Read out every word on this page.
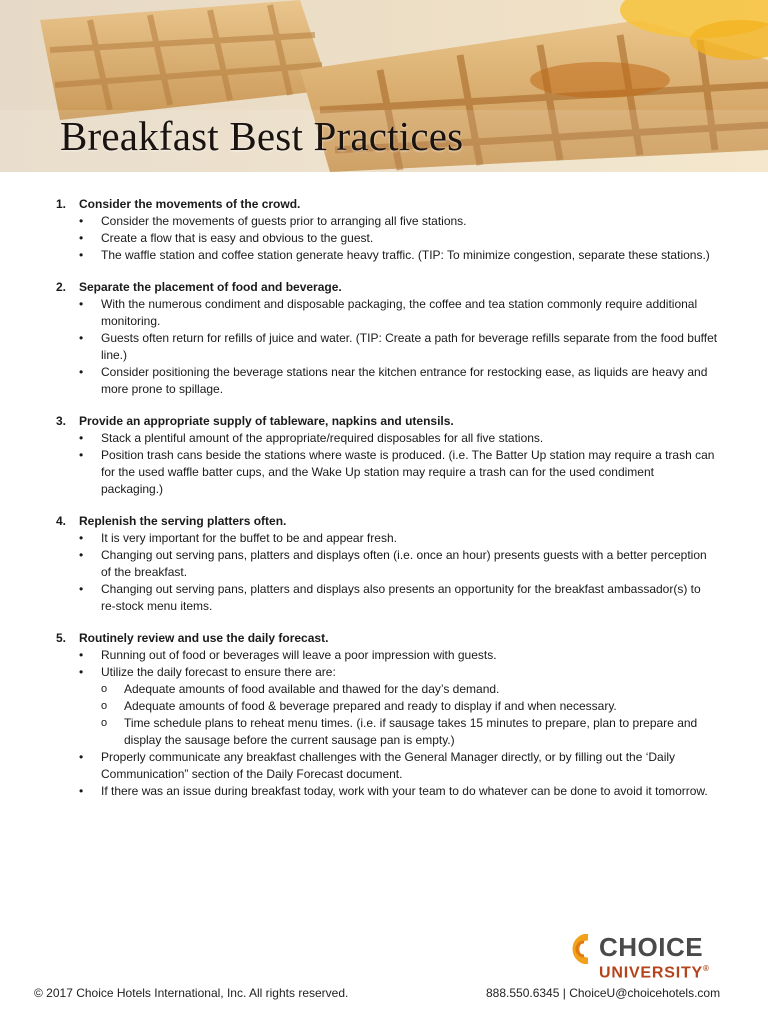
Breakfast Best Practices
1. Consider the movements of the crowd.
• Consider the movements of guests prior to arranging all five stations.
• Create a flow that is easy and obvious to the guest.
• The waffle station and coffee station generate heavy traffic. (TIP: To minimize congestion, separate these stations.)
2. Separate the placement of food and beverage.
• With the numerous condiment and disposable packaging, the coffee and tea station commonly require additional monitoring.
• Guests often return for refills of juice and water. (TIP: Create a path for beverage refills separate from the food buffet line.)
• Consider positioning the beverage stations near the kitchen entrance for restocking ease, as liquids are heavy and more prone to spillage.
3. Provide an appropriate supply of tableware, napkins and utensils.
• Stack a plentiful amount of the appropriate/required disposables for all five stations.
• Position trash cans beside the stations where waste is produced. (i.e. The Batter Up station may require a trash can for the used waffle batter cups, and the Wake Up station may require a trash can for the used condiment packaging.)
4. Replenish the serving platters often.
• It is very important for the buffet to be and appear fresh.
• Changing out serving pans, platters and displays often (i.e. once an hour) presents guests with a better perception of the breakfast.
• Changing out serving pans, platters and displays also presents an opportunity for the breakfast ambassador(s) to re-stock menu items.
5. Routinely review and use the daily forecast.
• Running out of food or beverages will leave a poor impression with guests.
• Utilize the daily forecast to ensure there are:
o Adequate amounts of food available and thawed for the day’s demand.
o Adequate amounts of food & beverage prepared and ready to display if and when necessary.
o Time schedule plans to reheat menu times. (i.e. if sausage takes 15 minutes to prepare, plan to prepare and display the sausage before the current sausage pan is empty.)
• Properly communicate any breakfast challenges with the General Manager directly, or by filling out the ‘Daily Communication” section of the Daily Forecast document.
• If there was an issue during breakfast today, work with your team to do whatever can be done to avoid it tomorrow.
CHOICE
UNIVERSITY®
© 2017 Choice Hotels International, Inc. All rights reserved.	888.550.6345 | ChoiceU@choicehotels.com
